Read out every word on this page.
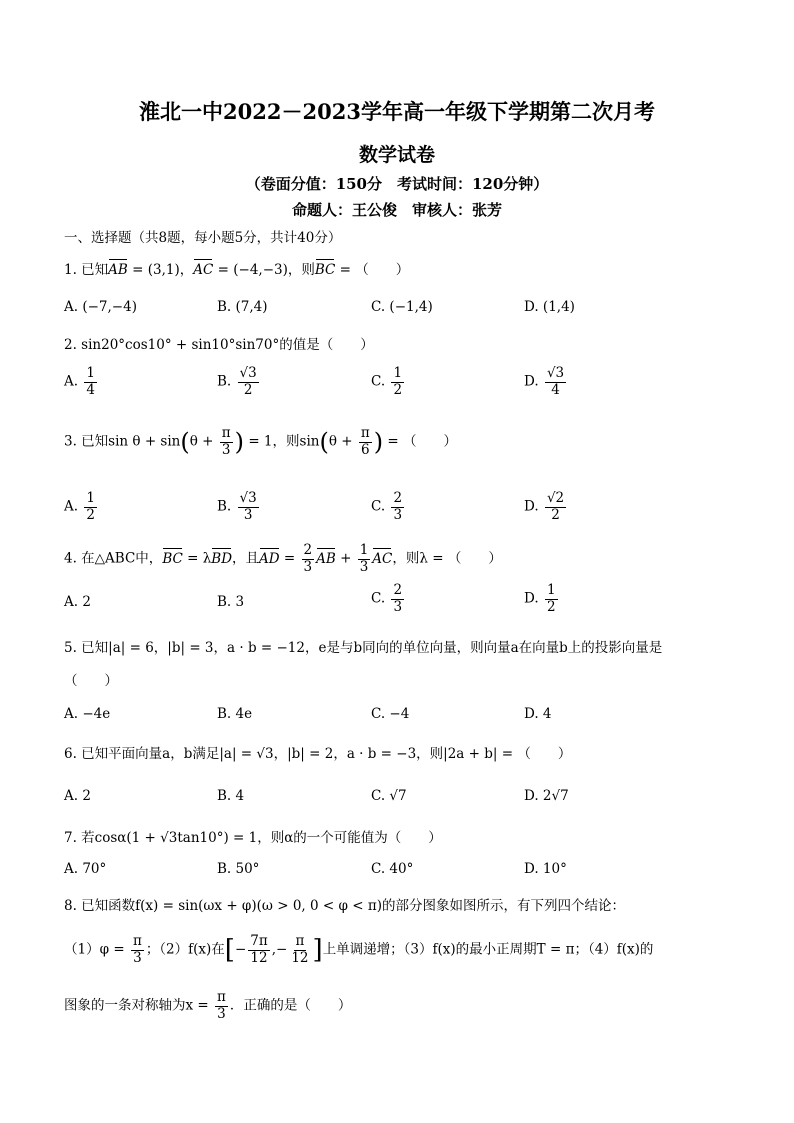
淮北一中2022－2023学年高一年级下学期第二次月考
数学试卷
（卷面分值：150分　考试时间：120分钟）
命题人：王公俊　审核人：张芳
一、选择题（共8题，每小题5分，共计40分）
1. 已知AB = (3,1)，AC = (−4,−3)，则BC = （　　）
A. (−7,−4)	B. (7,4)	C. (−1,4)	D. (1,4)
2. sin20°cos10° + sin10°sin70°的值是（　　）
A. $\frac{1}{4}$	B. $\frac{√3}{2}$	C. $\frac{1}{2}$	D. $\frac{√3}{4}$
3. 已知$\sin \theta + \sin(\theta + \frac{\pi}{3}$ ) = 1，则$\sin(\theta + \frac{\pi}{6}$ ) = （　　）
A. $\frac{1}{2}$	B. $\frac{√3}{3}$	C. $\frac{2}{3}$	D. $\frac{√2}{2}$
4. 在△ABC中，BC = λBD，且AD = $\frac{2}{3}$ AB + $\frac{1}{3}$ AC，则λ = （　　）
A. 2	B. 3	C. $\frac{2}{3}$	D. $\frac{1}{2}$
5. 已知|a| = 6，|b| = 3，a · b = −12，e是与b同向的单位向量，则向量a在向量b上的投影向量是
（　　）
A. −4e	B. 4e	C. −4	D. 4
6. 已知平面向量a，b满足|a| = √3，|b| = 2，a · b = −3，则|2a + b| = （　　）
A. 2	B. 4	C. √7	D. 2√7
7. 若cosα(1 + √3tan10°) = 1，则α的一个可能值为（　　）
A. 70°	B. 50°	C. 40°	D. 10°
8. 已知函数f(x) = sin(ωx + φ)(ω > 0, 0 < φ < π)的部分图象如图所示，有下列四个结论：
$(1)\varphi = \frac{\pi}{3}$ ；（2）f(x)在[− $\frac{7\pi}{12}$ ,− $\frac{\pi}{12}$ ]上单调递增；（3）f(x)的最小正周期T = π；（4）f(x)的
图象的一条对称轴为$x = \frac{\pi}{3}$ ．正确的是（　　）
